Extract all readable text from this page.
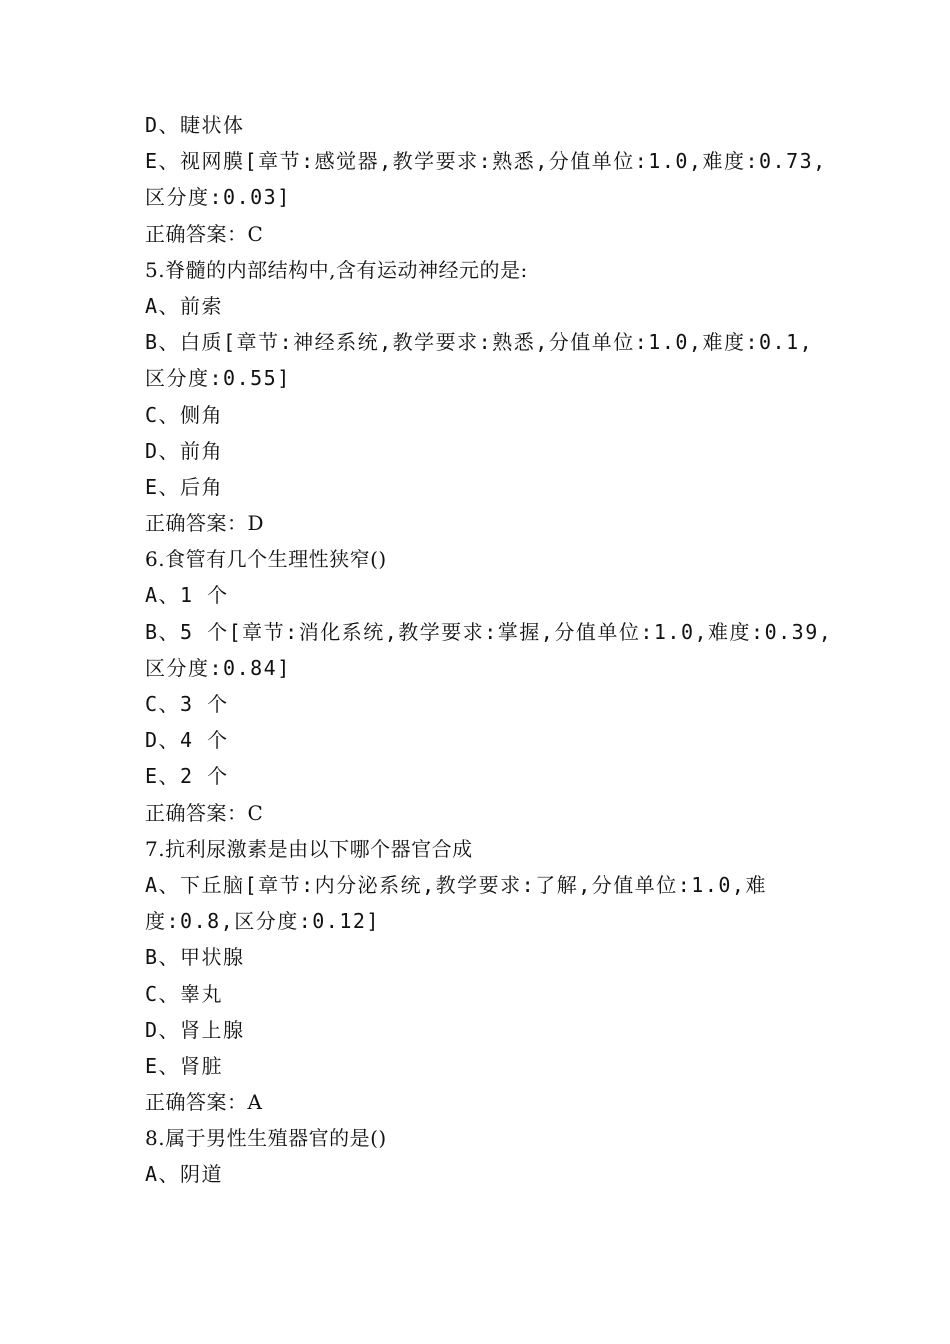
D、睫状体
E、视网膜[章节:感觉器,教学要求:熟悉,分值单位:1.0,难度:0.73,
区分度:0.03]
正确答案：C
5.脊髓的内部结构中,含有运动神经元的是:
A、前索
B、白质[章节:神经系统,教学要求:熟悉,分值单位:1.0,难度:0.1,
区分度:0.55]
C、侧角
D、前角
E、后角
正确答案：D
6.食管有几个生理性狭窄()
A、1 个
B、5 个[章节:消化系统,教学要求:掌握,分值单位:1.0,难度:0.39,
区分度:0.84]
C、3 个
D、4 个
E、2 个
正确答案：C
7.抗利尿激素是由以下哪个器官合成
A、下丘脑[章节:内分泌系统,教学要求:了解,分值单位:1.0,难
度:0.8,区分度:0.12]
B、甲状腺
C、睾丸
D、肾上腺
E、肾脏
正确答案：A
8.属于男性生殖器官的是()
A、阴道
